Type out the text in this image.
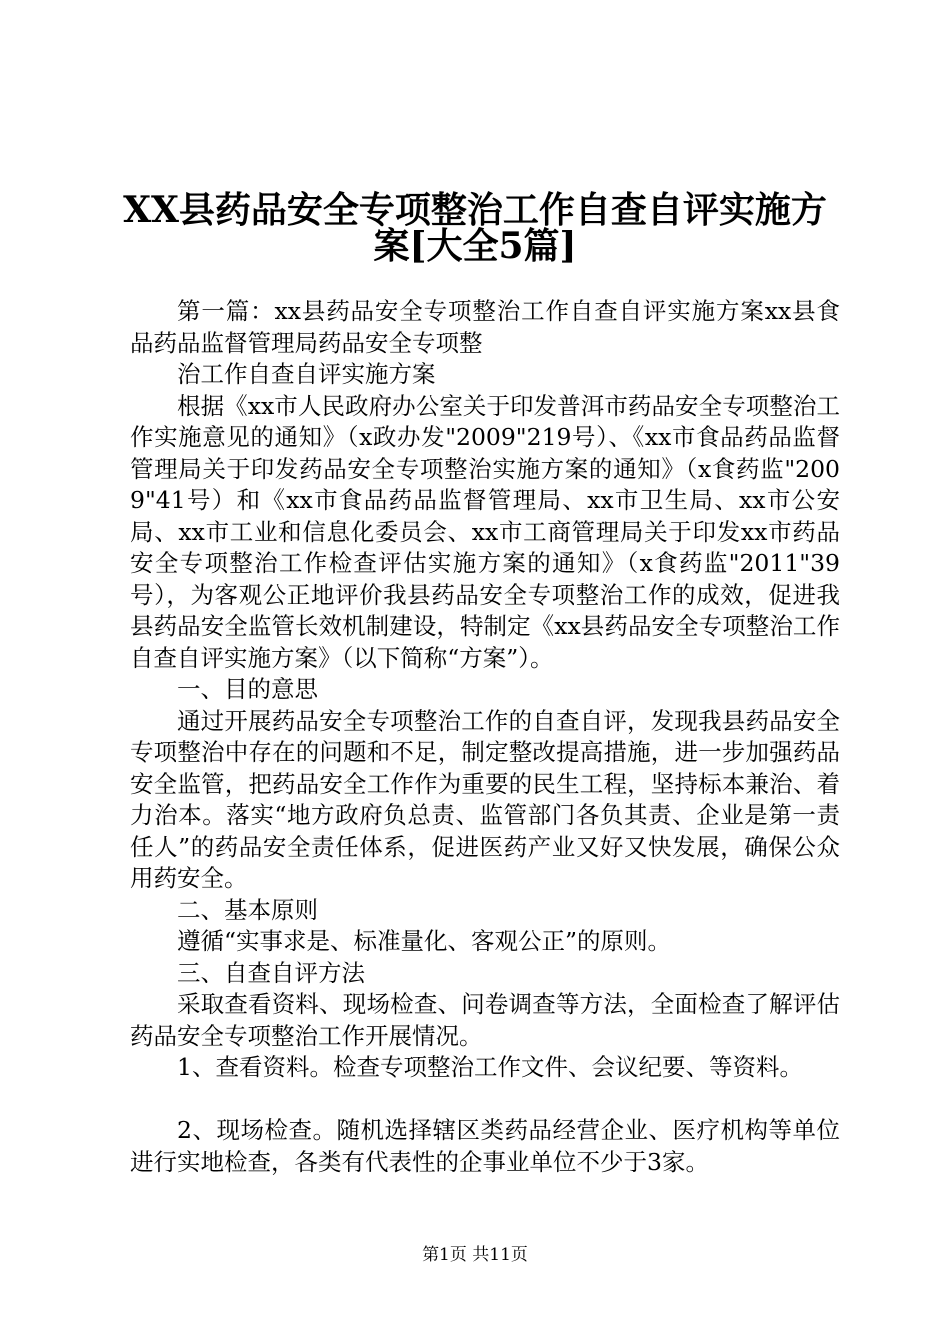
XX县药品安全专项整治工作自查自评实施方
案[大全5篇]

第一篇：xx县药品安全专项整治工作自查自评实施方案xx县食品药品监督管理局药品安全专项整

治工作自查自评实施方案

根据《xx市人民政府办公室关于印发普洱市药品安全专项整治工作实施意见的通知》（x政办发"2009"219号）、《xx市食品药品监督管理局关于印发药品安全专项整治实施方案的通知》（x食药监"2009"41号）和《xx市食品药品监督管理局、xx市卫生局、xx市公安局、xx市工业和信息化委员会、xx市工商管理局关于印发xx市药品安全专项整治工作检查评估实施方案的通知》（x食药监"2011"39号），为客观公正地评价我县药品安全专项整治工作的成效，促进我县药品安全监管长效机制建设，特制定《xx县药品安全专项整治工作自查自评实施方案》（以下简称“方案”）。

一、目的意思

通过开展药品安全专项整治工作的自查自评，发现我县药品安全专项整治中存在的问题和不足，制定整改提高措施，进一步加强药品安全监管，把药品安全工作作为重要的民生工程，坚持标本兼治、着力治本。落实“地方政府负总责、监管部门各负其责、企业是第一责任人”的药品安全责任体系，促进医药产业又好又快发展，确保公众用药安全。

二、基本原则

遵循“实事求是、标准量化、客观公正”的原则。

三、自查自评方法

采取查看资料、现场检查、问卷调查等方法，全面检查了解评估药品安全专项整治工作开展情况。

1、查看资料。检查专项整治工作文件、会议纪要、等资料。

2、现场检查。随机选择辖区类药品经营企业、医疗机构等单位进行实地检查，各类有代表性的企事业单位不少于3家。

第1页 共11页
